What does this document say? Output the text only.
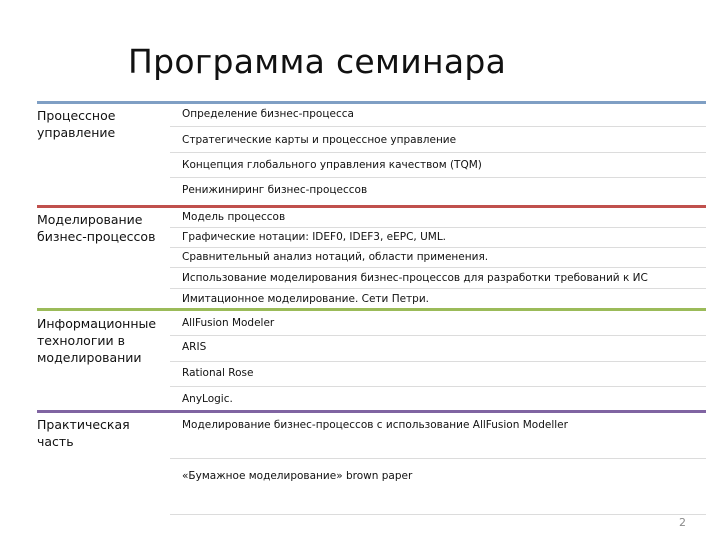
Программа семинара
Процессное управление
Определение бизнес-процесса
Стратегические карты и процессное управление
Концепция глобального управления качеством (TQM)
Ренижиниринг бизнес-процессов
Моделирование бизнес-процессов
Модель процессов
Графические нотации: IDEF0, IDEF3, eEPC, UML.
Сравнительный анализ нотаций, области применения.
Использование моделирования бизнес-процессов для разработки требований к ИС
Имитационное моделирование. Сети Петри.
Информационные технологии в моделировании
AllFusion Modeler
ARIS
Rational Rose
AnyLogic.
Практическая часть
Моделирование бизнес-процессов с использование AllFusion Modeller
«Бумажное моделирование» brown paper
2
